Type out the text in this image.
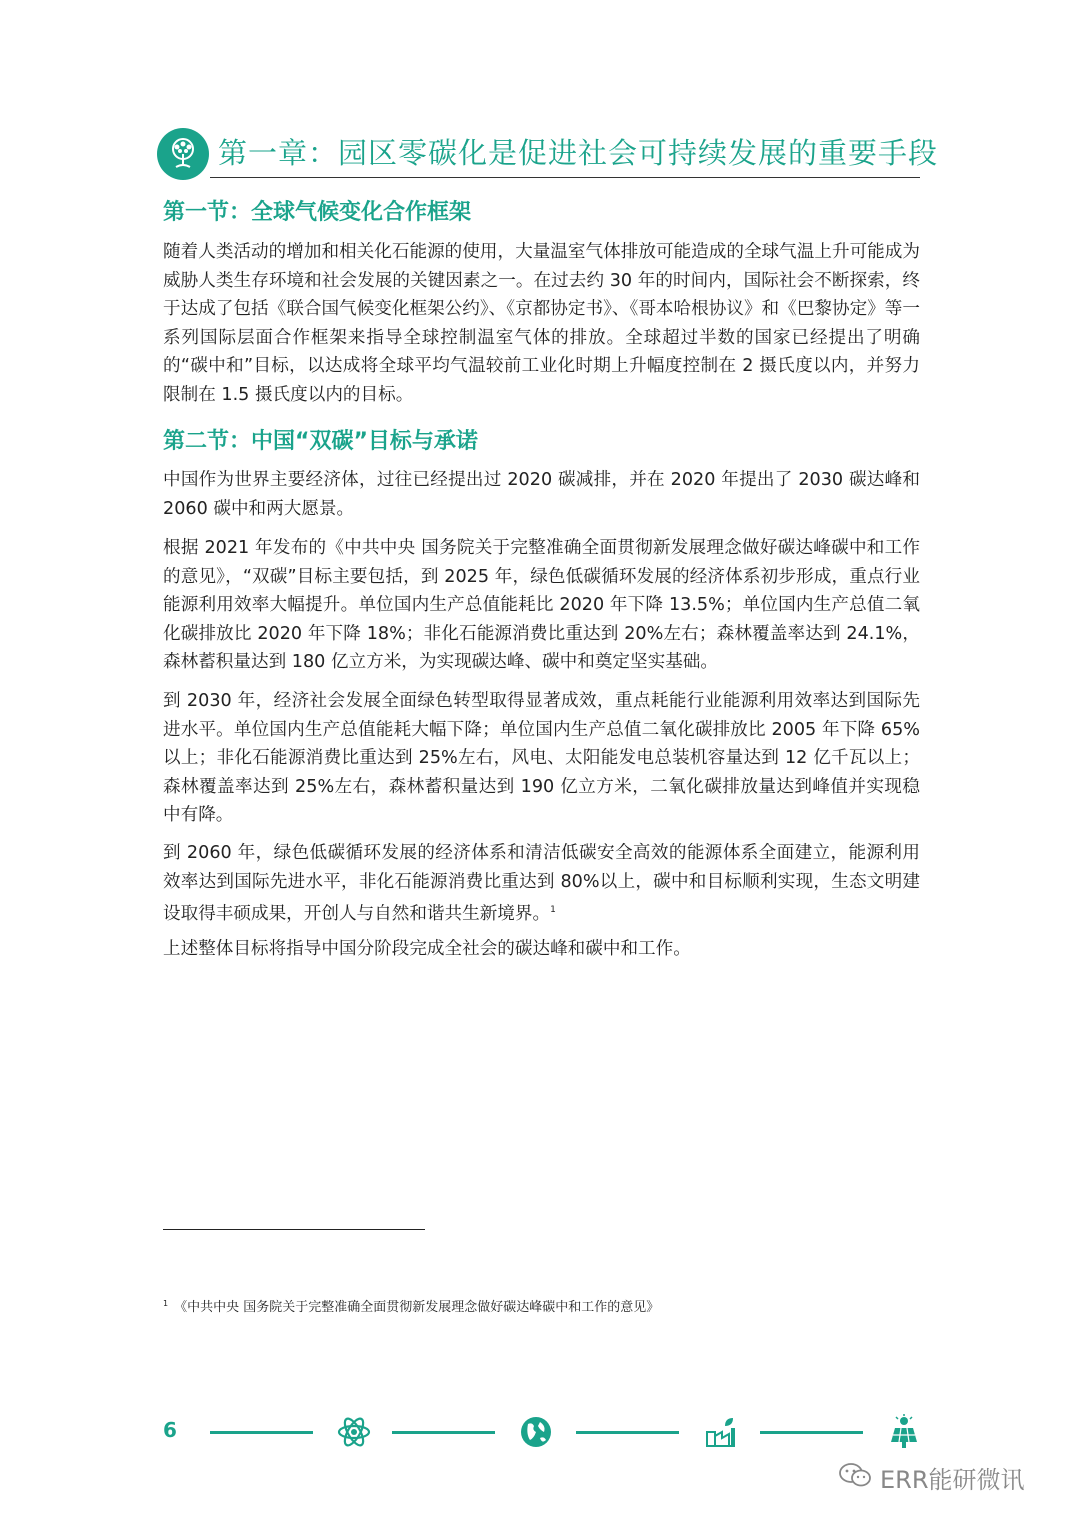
第一章：园区零碳化是促进社会可持续发展的重要手段
第一节：全球气候变化合作框架
随着人类活动的增加和相关化石能源的使用，大量温室气体排放可能造成的全球气温上升可能成为威胁人类生存环境和社会发展的关键因素之一。在过去约 30 年的时间内，国际社会不断探索，终于达成了包括《联合国气候变化框架公约》、《京都协定书》、《哥本哈根协议》和《巴黎协定》等一系列国际层面合作框架来指导全球控制温室气体的排放。全球超过半数的国家已经提出了明确的“碳中和”目标，以达成将全球平均气温较前工业化时期上升幅度控制在 2 摄氏度以内，并努力限制在 1.5 摄氏度以内的目标。
第二节：中国“双碳”目标与承诺
中国作为世界主要经济体，过往已经提出过 2020 碳减排，并在 2020 年提出了 2030 碳达峰和 2060 碳中和两大愿景。
根据 2021 年发布的《中共中央 国务院关于完整准确全面贯彻新发展理念做好碳达峰碳中和工作的意见》，“双碳”目标主要包括，到 2025 年，绿色低碳循环发展的经济体系初步形成，重点行业能源利用效率大幅提升。单位国内生产总值能耗比 2020 年下降 13.5%；单位国内生产总值二氧化碳排放比 2020 年下降 18%；非化石能源消费比重达到 20%左右；森林覆盖率达到 24.1%，森林蓄积量达到 180 亿立方米，为实现碳达峰、碳中和奠定坚实基础。
到 2030 年，经济社会发展全面绿色转型取得显著成效，重点耗能行业能源利用效率达到国际先进水平。单位国内生产总值能耗大幅下降；单位国内生产总值二氧化碳排放比 2005 年下降 65%以上；非化石能源消费比重达到 25%左右，风电、太阳能发电总装机容量达到 12 亿千瓦以上；森林覆盖率达到 25%左右，森林蓄积量达到 190 亿立方米，二氧化碳排放量达到峰值并实现稳中有降。
到 2060 年，绿色低碳循环发展的经济体系和清洁低碳安全高效的能源体系全面建立，能源利用效率达到国际先进水平，非化石能源消费比重达到 80%以上，碳中和目标顺利实现，生态文明建设取得丰硕成果，开创人与自然和谐共生新境界。$^1$
上述整体目标将指导中国分阶段完成全社会的碳达峰和碳中和工作。
$^1$ 《中共中央 国务院关于完整准确全面贯彻新发展理念做好碳达峰碳中和工作的意见》
6
ERR能研微讯
